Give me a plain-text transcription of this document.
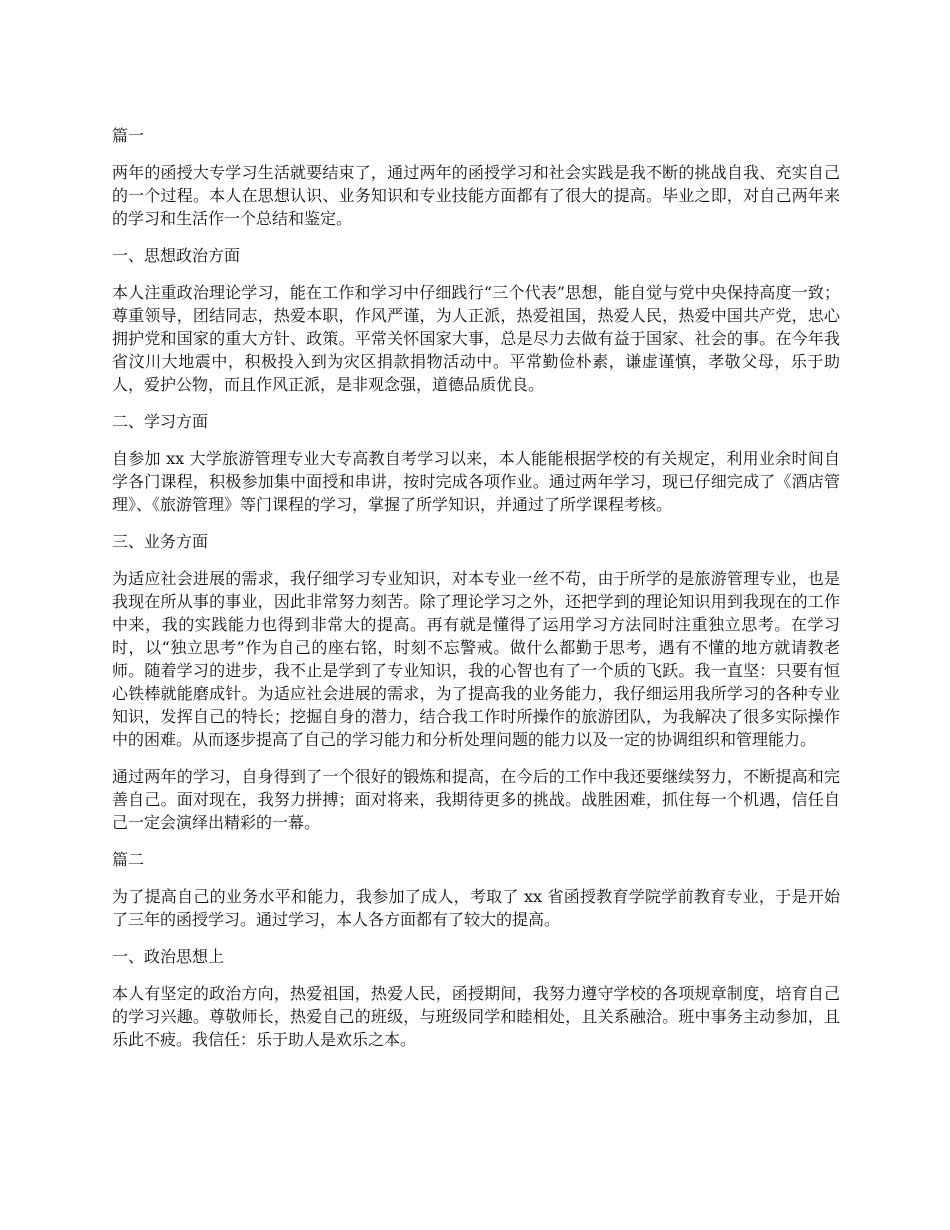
篇一

两年的函授大专学习生活就要结束了，通过两年的函授学习和社会实践是我不断的挑战自我、充实自己的一个过程。本人在思想认识、业务知识和专业技能方面都有了很大的提高。毕业之即，对自己两年来的学习和生活作一个总结和鉴定。

一、思想政治方面

本人注重政治理论学习，能在工作和学习中仔细践行“三个代表”思想，能自觉与党中央保持高度一致；尊重领导，团结同志，热爱本职，作风严谨，为人正派，热爱祖国，热爱人民，热爱中国共产党，忠心拥护党和国家的重大方针、政策。平常关怀国家大事，总是尽力去做有益于国家、社会的事。在今年我省汶川大地震中，积极投入到为灾区捐款捐物活动中。平常勤俭朴素，谦虚谨慎，孝敬父母，乐于助人，爱护公物，而且作风正派，是非观念强，道德品质优良。

二、学习方面

自参加 xx 大学旅游管理专业大专高教自考学习以来，本人能能根据学校的有关规定，利用业余时间自学各门课程，积极参加集中面授和串讲，按时完成各项作业。通过两年学习，现已仔细完成了《酒店管理》、《旅游管理》等门课程的学习，掌握了所学知识，并通过了所学课程考核。

三、业务方面

为适应社会进展的需求，我仔细学习专业知识，对本专业一丝不苟，由于所学的是旅游管理专业，也是我现在所从事的事业，因此非常努力刻苦。除了理论学习之外，还把学到的理论知识用到我现在的工作中来，我的实践能力也得到非常大的提高。再有就是懂得了运用学习方法同时注重独立思考。在学习时，以“独立思考”作为自己的座右铭，时刻不忘警戒。做什么都勤于思考，遇有不懂的地方就请教老师。随着学习的进步，我不止是学到了专业知识，我的心智也有了一个质的飞跃。我一直坚：只要有恒心铁棒就能磨成针。为适应社会进展的需求，为了提高我的业务能力，我仔细运用我所学习的各种专业知识，发挥自己的特长；挖掘自身的潜力，结合我工作时所操作的旅游团队，为我解决了很多实际操作中的困难。从而逐步提高了自己的学习能力和分析处理问题的能力以及一定的协调组织和管理能力。

通过两年的学习，自身得到了一个很好的锻炼和提高，在今后的工作中我还要继续努力，不断提高和完善自己。面对现在，我努力拼搏；面对将来，我期待更多的挑战。战胜困难，抓住每一个机遇，信任自己一定会演绎出精彩的一幕。

篇二

为了提高自己的业务水平和能力，我参加了成人，考取了 xx 省函授教育学院学前教育专业，于是开始了三年的函授学习。通过学习，本人各方面都有了较大的提高。

一、政治思想上

本人有坚定的政治方向，热爱祖国，热爱人民，函授期间，我努力遵守学校的各项规章制度，培育自己的学习兴趣。尊敬师长，热爱自己的班级，与班级同学和睦相处，且关系融洽。班中事务主动参加，且乐此不疲。我信任：乐于助人是欢乐之本。
